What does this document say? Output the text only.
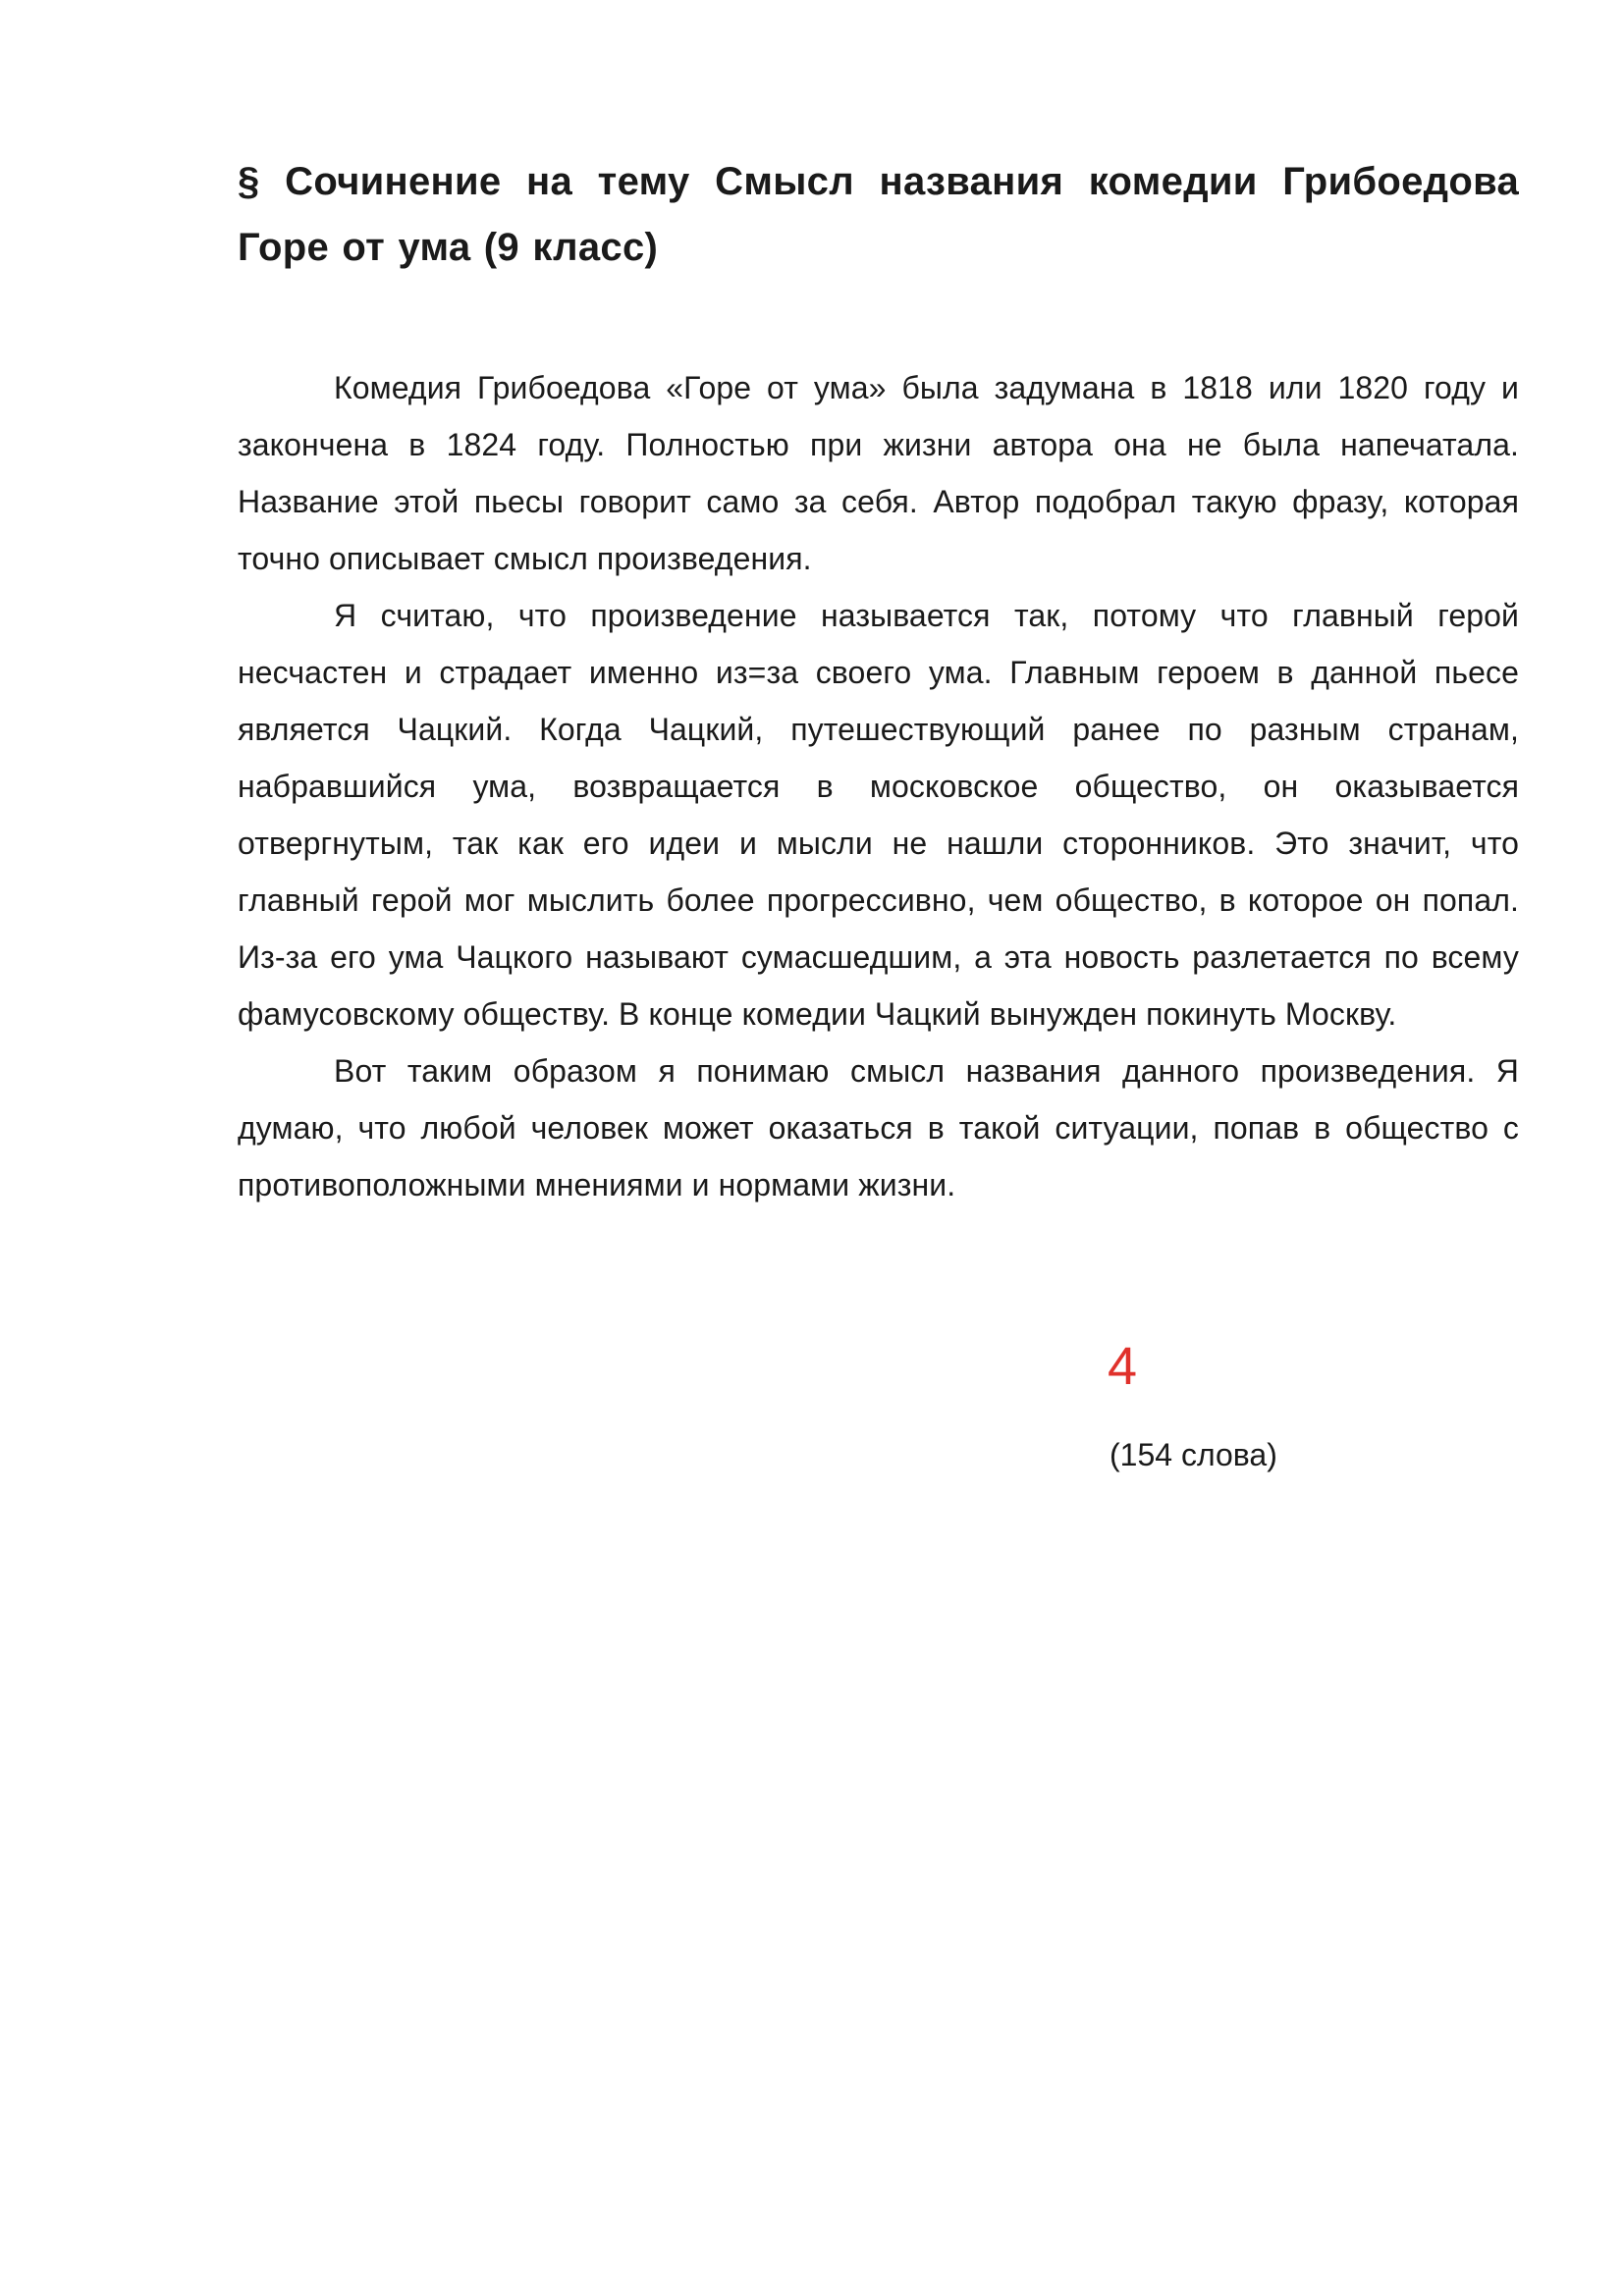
§ Сочинение на тему Смысл названия комедии Грибоедова Горе от ума (9 класс)

Комедия Грибоедова «Горе от ума» была задумана в 1818 или 1820 году и закончена в 1824 году. Полностью при жизни автора она не была напечатала. Название этой пьесы говорит само за себя. Автор подобрал такую фразу, которая точно описывает смысл произведения.

Я считаю, что произведение называется так, потому что главный герой несчастен и страдает именно из=за своего ума. Главным героем в данной пьесе является Чацкий. Когда Чацкий, путешествующий ранее по разным странам, набравшийся ума, возвращается в московское общество, он оказывается отвергнутым, так как его идеи и мысли не нашли сторонников. Это значит, что главный герой мог мыслить более прогрессивно, чем общество, в которое он попал. Из-за его ума Чацкого называют сумасшедшим, а эта новость разлетается по всему фамусовскому обществу. В конце комедии Чацкий вынужден покинуть Москву.

Вот таким образом я понимаю смысл названия данного произведения. Я думаю, что любой человек может оказаться в такой ситуации, попав в общество с противоположными мнениями и нормами жизни.

4
(154 слова)
